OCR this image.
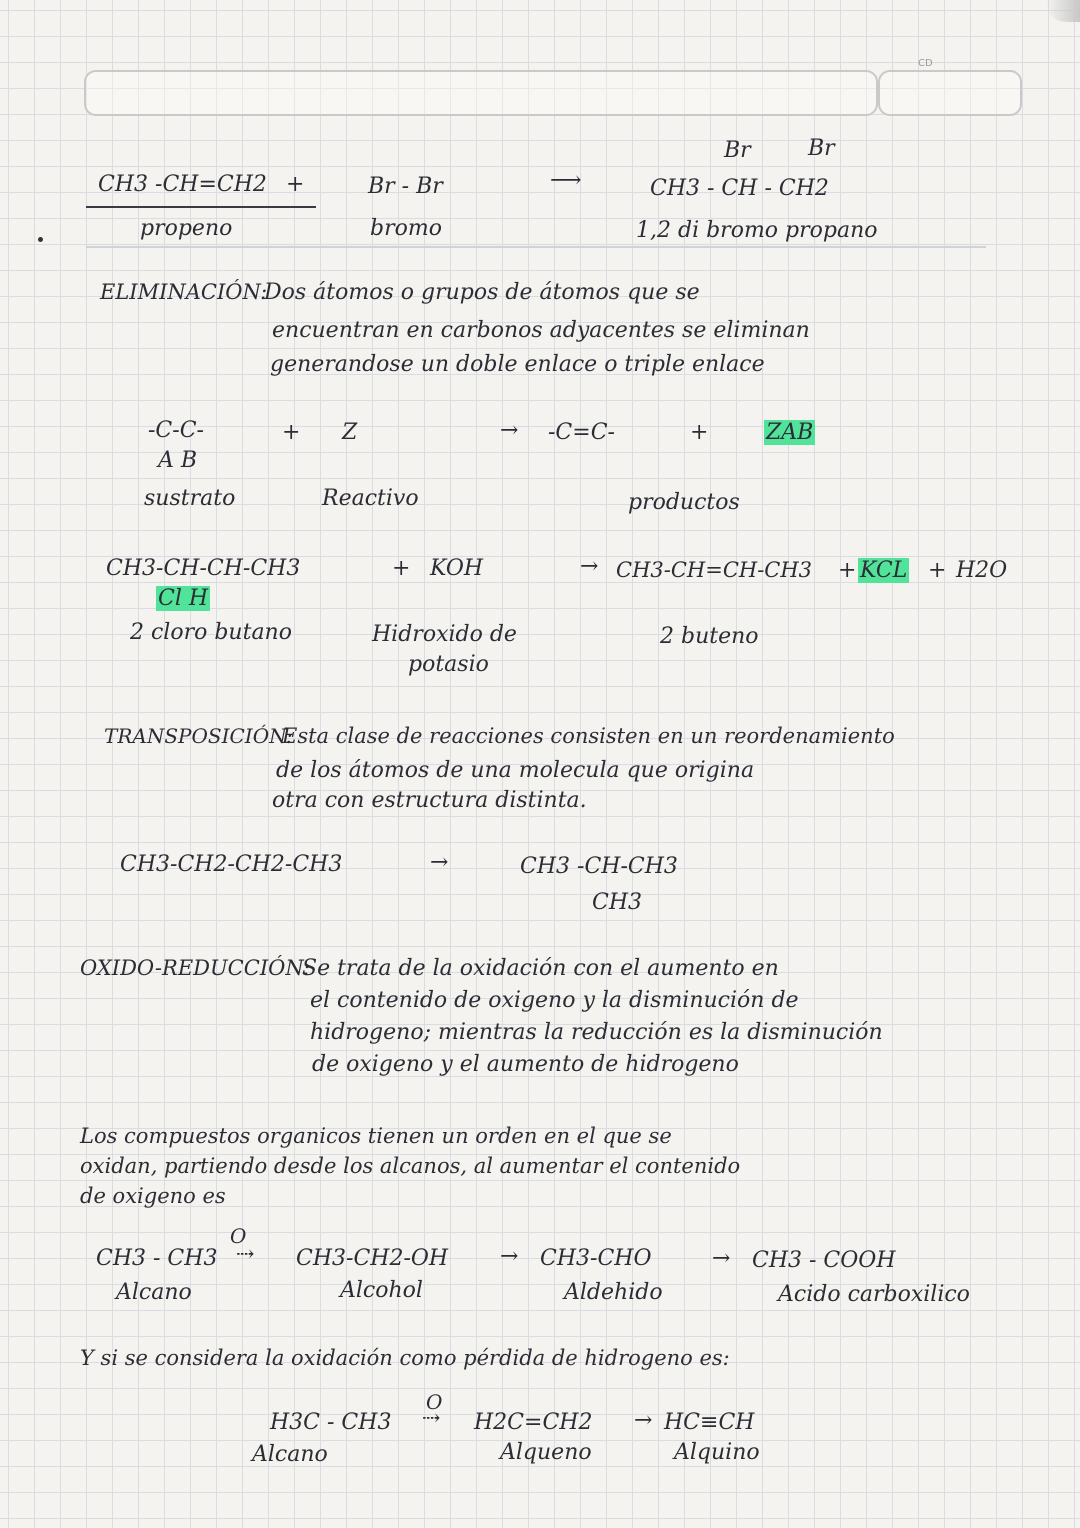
CD
Br	Br
CH3 -CH=CH2 +	Br - Br	⟶	CH3 - CH - CH2
propeno	bromo	1,2 di bromo propano
ELIMINACIÓN:
Dos átomos o grupos de átomos que se
encuentran en carbonos adyacentes se eliminan
generandose un doble enlace o triple enlace
-C-C-
A B
+ Z	→ -C=C-	+	ZAB
sustrato	Reactivo	productos
CH3-CH-CH-CH3
Cl H
+ KOH	→ CH3-CH=CH-CH3 + KCL + H2O
2 cloro butano	Hidroxido de
potasio
2 buteno
TRANSPOSICIÓN:
Esta clase de reacciones consisten en un reordenamiento
de los átomos de una molecula que origina
otra con estructura distinta.
CH3-CH2-CH2-CH3	→	CH3 -CH-CH3
CH3
OXIDO-REDUCCIÓN:
Se trata de la oxidación con el aumento en
el contenido de oxigeno y la disminución de
hidrogeno; mientras la reducción es la disminución
de oxigeno y el aumento de hidrogeno
Los compuestos organicos tienen un orden en el que se
oxidan, partiendo desde los alcanos, al aumentar el contenido
de oxigeno es
O
CH3 - CH3 ⇢ CH3-CH2-OH → CH3-CHO	→ CH3 - COOH
Alcano	Alcohol	Aldehido	Acido carboxilico
Y si se considera la oxidación como pérdida de hidrogeno es:
O
H3C - CH3 ⇢ H2C=CH2 → HC≡CH
Alcano	Alqueno	Alquino
